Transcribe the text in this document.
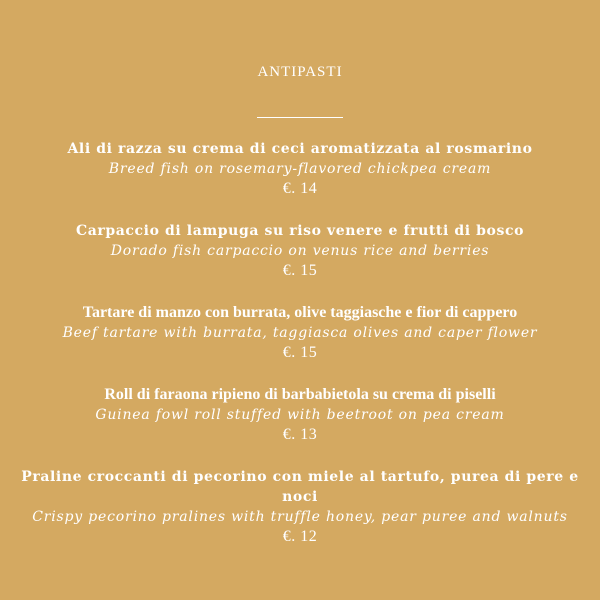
ANTIPASTI
Ali di razza su crema di ceci aromatizzata al rosmarino
Breed fish on rosemary-flavored chickpea cream
€. 14
Carpaccio di lampuga su riso venere e frutti di bosco
Dorado fish carpaccio on venus rice and berries
€. 15
Tartare di manzo con burrata, olive taggiasche e fior di cappero
Beef tartare with burrata, taggiasca olives and caper flower
€. 15
Roll di faraona ripieno di barbabietola su crema di piselli
Guinea fowl roll stuffed with beetroot on pea cream
€. 13
Praline croccanti di pecorino con miele al tartufo, purea di pere e noci
Crispy pecorino pralines with truffle honey, pear puree and walnuts
€. 12
